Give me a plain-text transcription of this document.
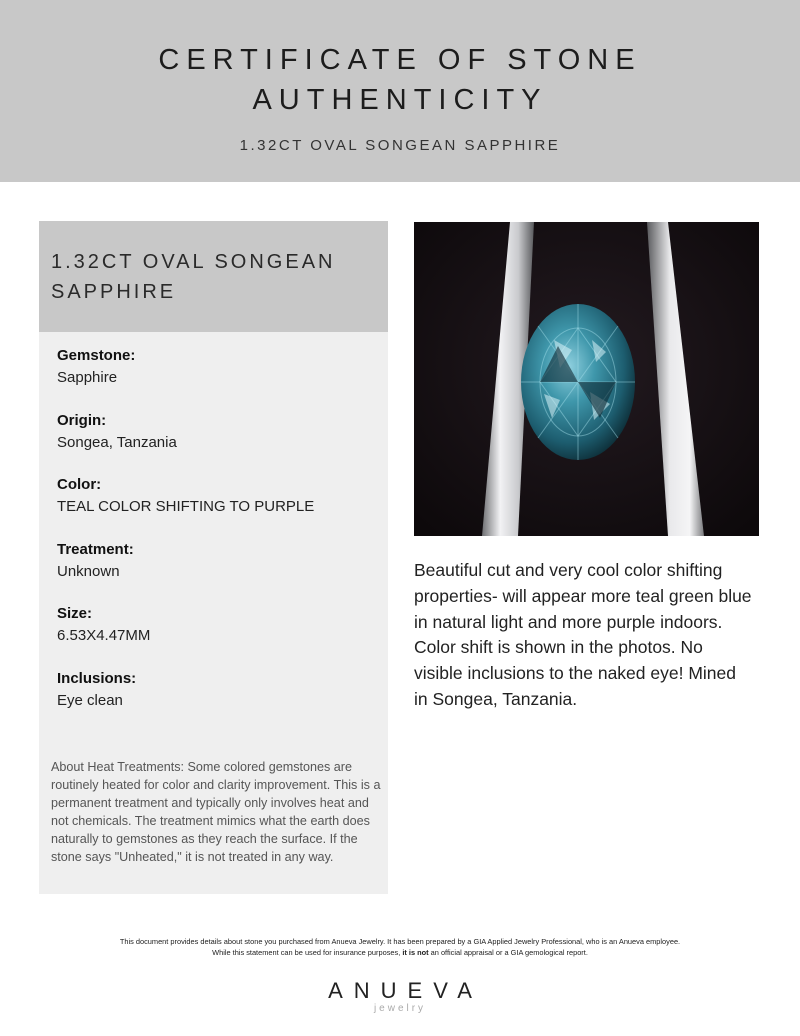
CERTIFICATE OF STONE
AUTHENTICITY
1.32CT OVAL SONGEAN SAPPHIRE
1.32CT OVAL SONGEAN
SAPPHIRE
Gemstone:
Sapphire
Origin:
Songea, Tanzania
Color:
TEAL COLOR SHIFTING TO PURPLE
Treatment:
Unknown
Size:
6.53X4.47MM
Inclusions:
Eye clean
About Heat Treatments: Some colored gemstones are routinely heated for color and clarity improvement. This is a permanent treatment and typically only involves heat and not chemicals. The treatment mimics what the earth does naturally to gemstones as they reach the surface. If the stone says "Unheated," it is not treated in any way.
Beautiful cut and very cool color shifting properties- will appear more teal green blue in natural light and more purple indoors. Color shift is shown in the photos. No visible inclusions to the naked eye! Mined in Songea, Tanzania.
This document provides details about stone you purchased from Anueva Jewelry. It has been prepared by a GIA Applied Jewelry Professional, who is an Anueva employee.
While this statement can be used for insurance purposes, it is not an official appraisal or a GIA gemological report.
ANUEVA
jewelry
